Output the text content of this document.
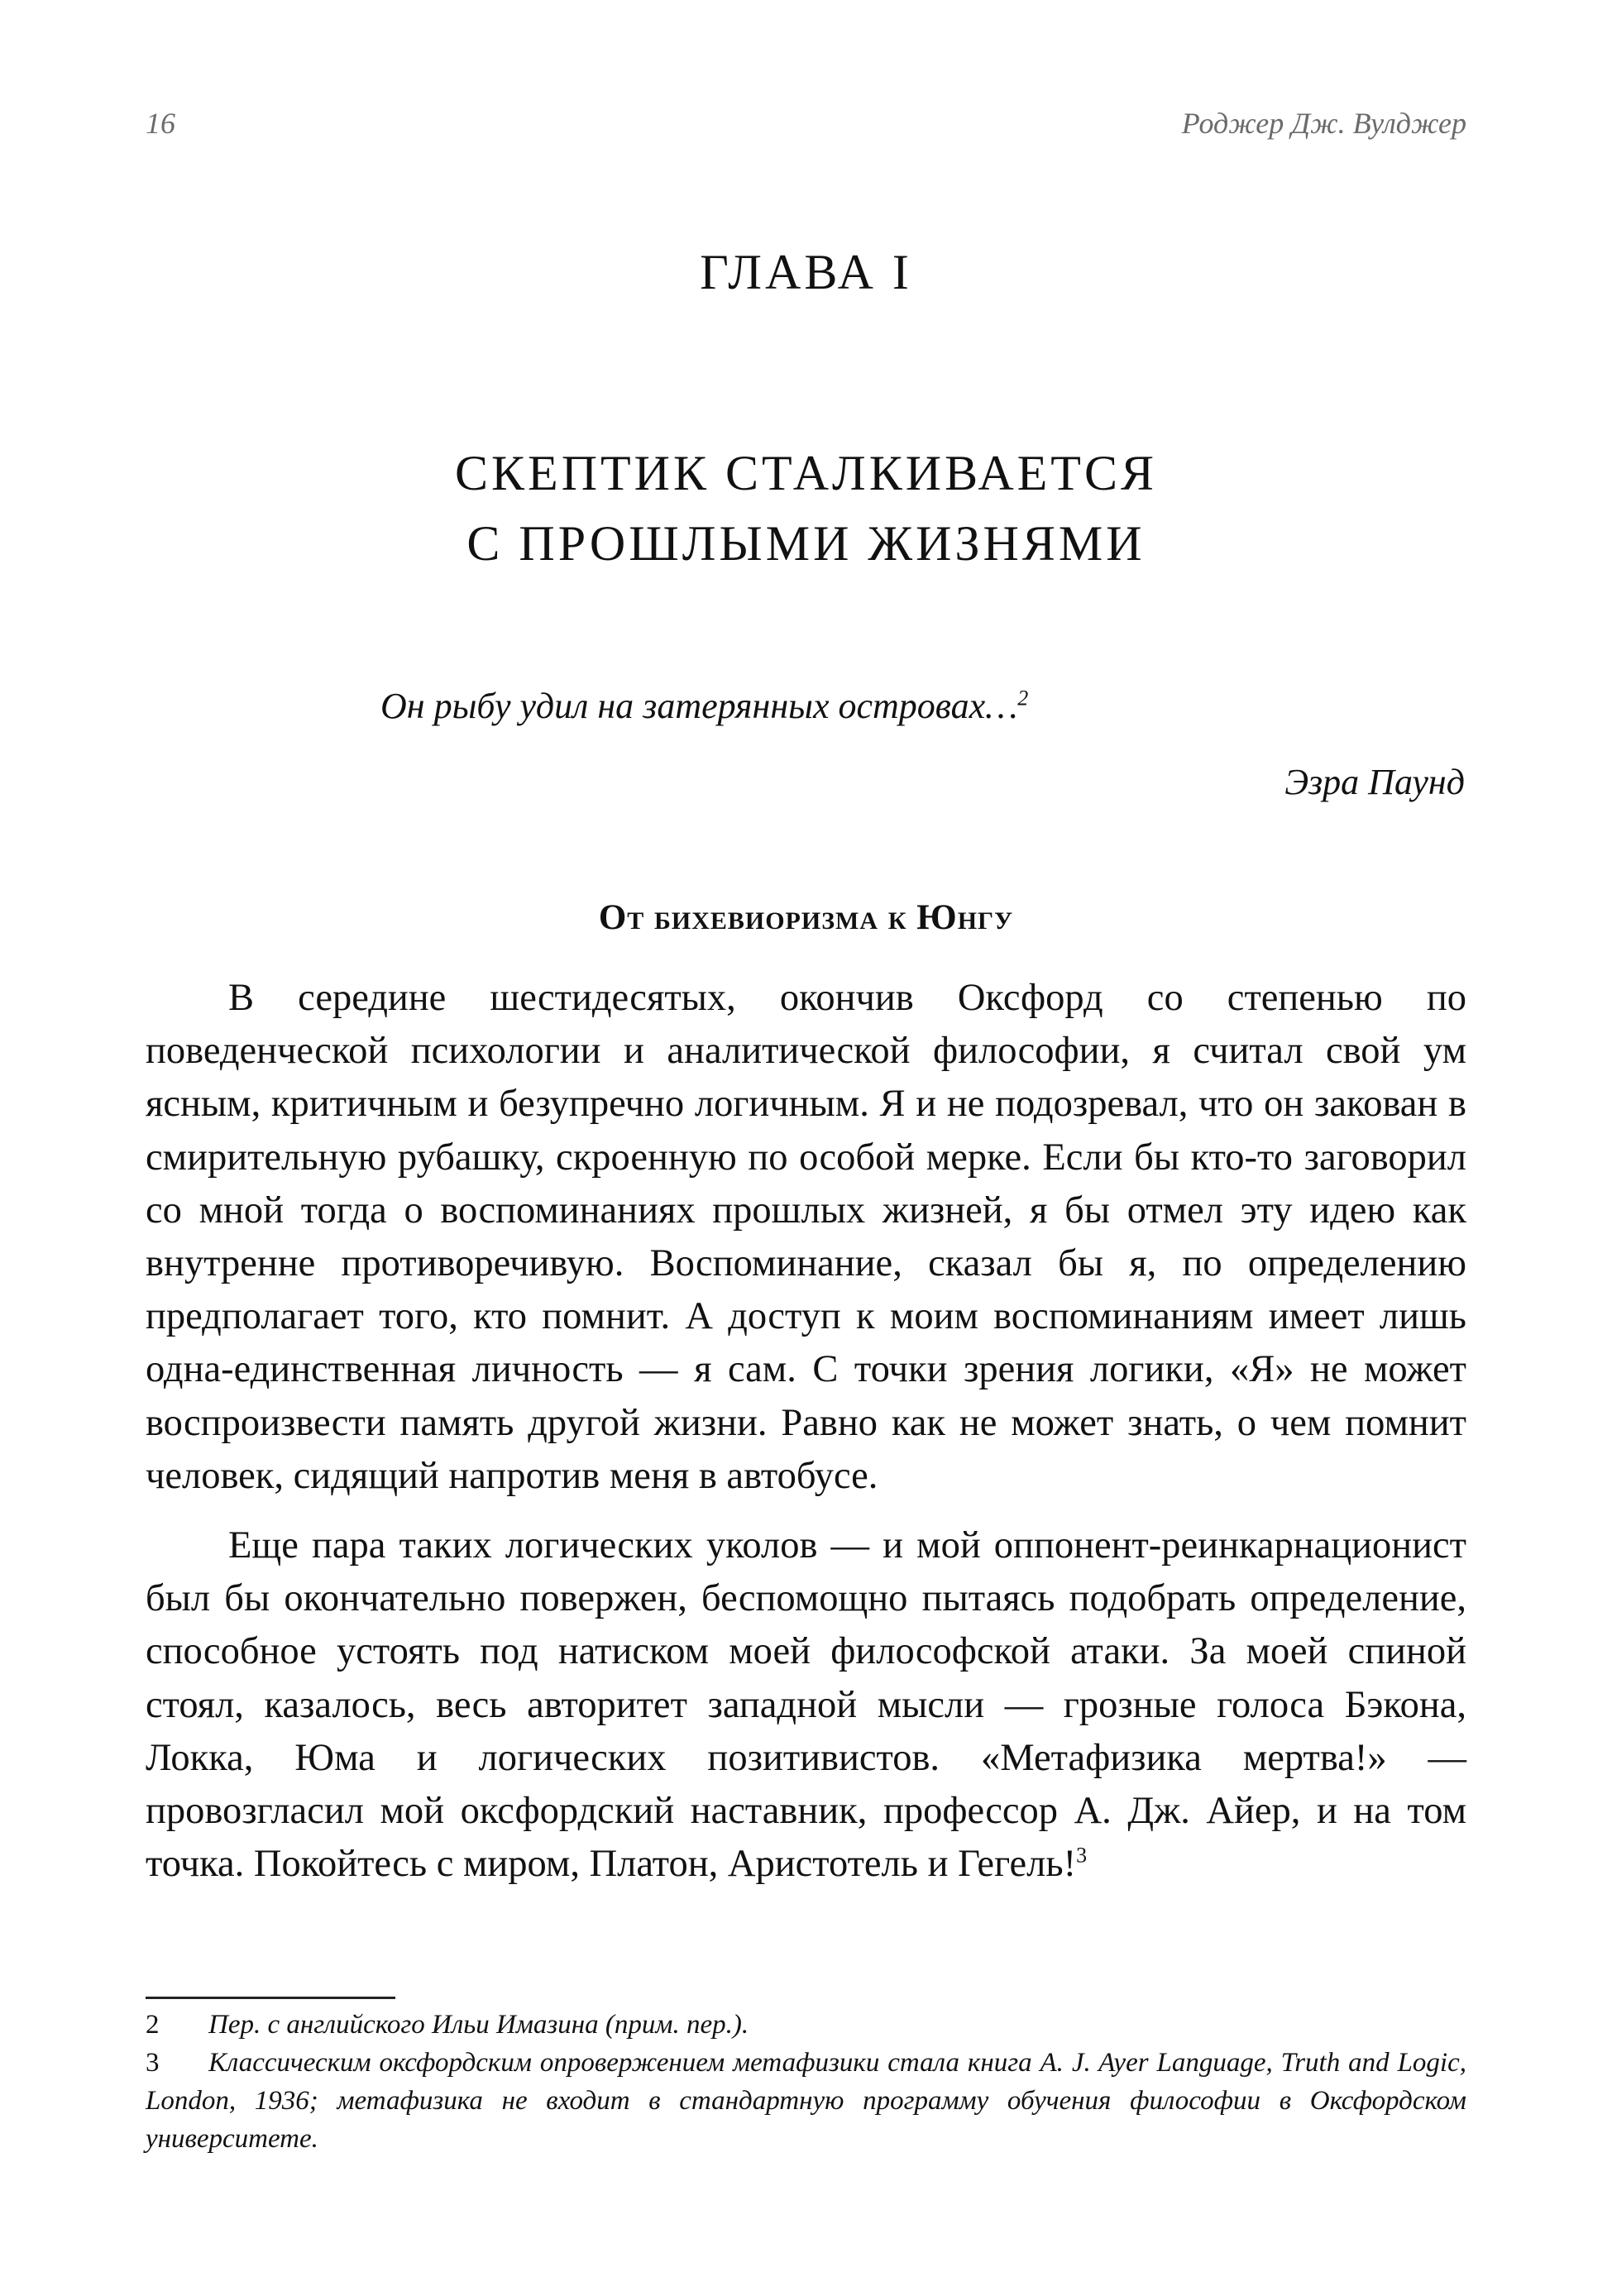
16	Роджер Дж. Вулджер
ГЛАВА I
СКЕПТИК СТАЛКИВАЕТСЯ
С ПРОШЛЫМИ ЖИЗНЯМИ
Он рыбу удил на затерянных островах…$^2$
Эзра Паунд
От бихевиоризма к Юнгу

В середине шестидесятых, окончив Оксфорд со степенью по поведенческой психологии и аналитической философии, я считал свой ум ясным, критичным и безупречно логичным. Я и не подозревал, что он закован в смирительную рубашку, скроенную по особой мерке. Если бы кто-то заговорил со мной тогда о воспоминаниях прошлых жизней, я бы отмел эту идею как внутренне противоречивую. Воспоминание, сказал бы я, по определению предполагает того, кто помнит. А доступ к моим воспоминаниям имеет лишь одна-единственная личность — я сам. С точки зрения логики, «Я» не может воспроизвести память другой жизни. Равно как не может знать, о чем помнит человек, сидящий напротив меня в автобусе.

Еще пара таких логических уколов — и мой оппонент-реинкарнационист был бы окончательно повержен, беспомощно пытаясь подобрать определение, способное устоять под натиском моей философской атаки. За моей спиной стоял, казалось, весь авторитет западной мысли — грозные голоса Бэкона, Локка, Юма и логических позитивистов. «Метафизика мертва!» — провозгласил мой оксфордский наставник, профессор А. Дж. Айер, и на том точка. Покойтесь с миром, Платон, Аристотель и Гегель!$^3$

2 Пер. с английского Ильи Имазина (прим. пер.).

3 Классическим оксфордским опровержением метафизики стала книга A. J. Ayer Language, Truth and Logic, London, 1936; метафизика не входит в стандартную программу обучения философии в Оксфордском университете.
